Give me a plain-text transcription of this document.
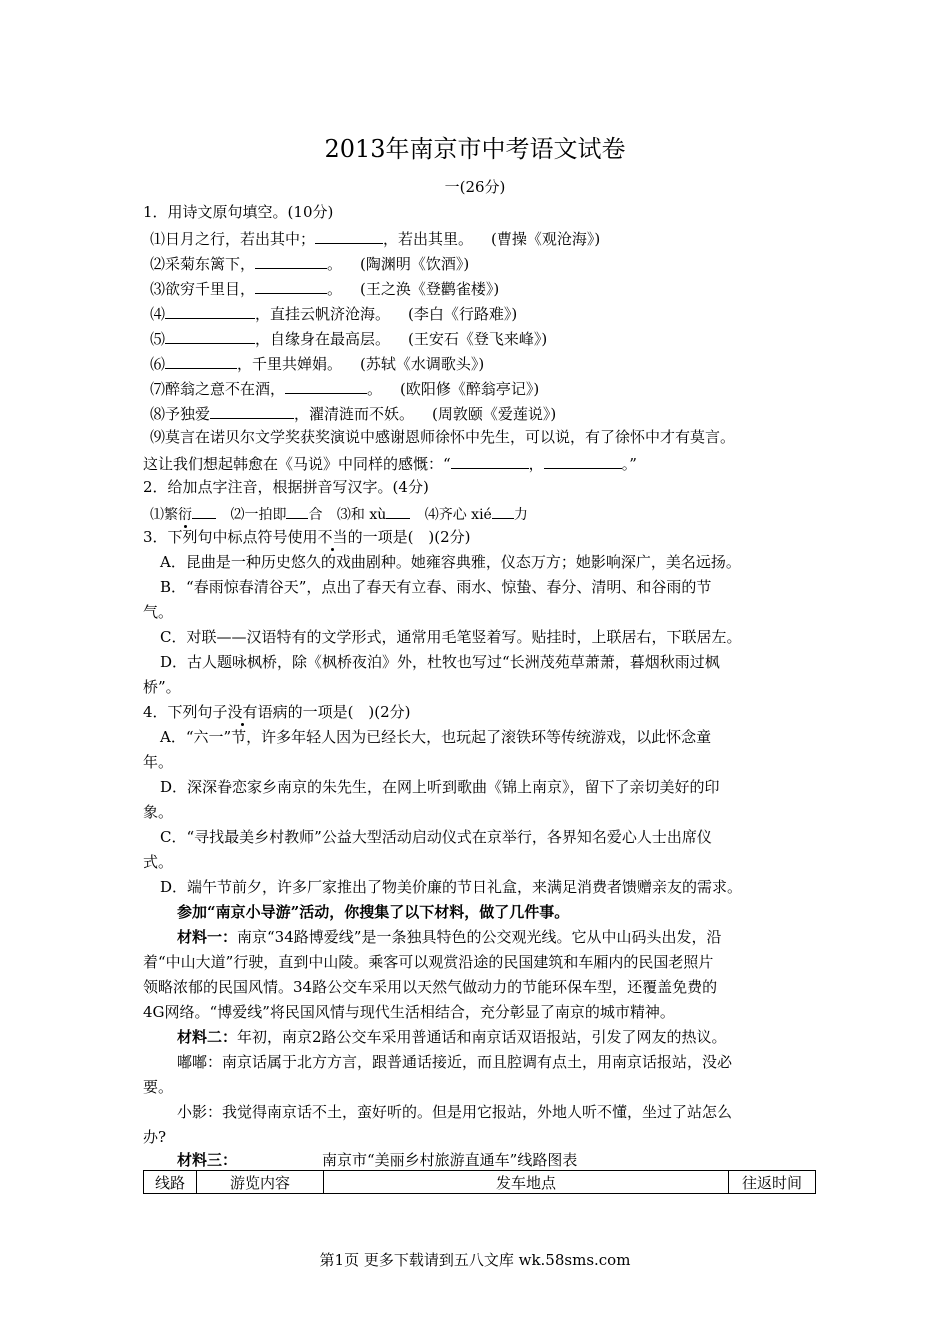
2013年南京市中考语文试卷
一(26分)
1．用诗文原句填空。(10分)
⑴日月之行，若出其中；	，若出其里。 (曹操《观沧海》)
⑵采菊东篱下，	。 (陶渊明《饮酒》)
⑶欲穷千里目，	。 (王之涣《登鹳雀楼》)
⑷	，直挂云帆济沧海。 (李白《行路难》)
⑸	，自缘身在最高层。 (王安石《登飞来峰》)
⑹	，千里共婵娟。 (苏轼《水调歌头》)
⑺醉翁之意不在酒，	。 (欧阳修《醉翁亭记》)
⑻予独爱	，濯清涟而不妖。 (周敦颐《爱莲说》)
⑼莫言在诺贝尔文学奖获奖演说中感谢恩师徐怀中先生，可以说，有了徐怀中才有莫言。
这让我们想起韩愈在《马说》中同样的感慨：“	，	。”
2．给加点字注音，根据拼音写汉字。(4分)
⑴繁衍	⑵一拍即 合 ⑶和 xù	⑷齐心 xié 力
3．下列句中标点符号使用不当的一项是(　)(2分)
A．昆曲是一种历史悠久的戏曲剧种。她雍容典雅，仪态万方；她影响深广，美名远扬。
B．“春雨惊春清谷天”，点出了春天有立春、雨水、惊蛰、春分、清明、和谷雨的节
气。
C．对联——汉语特有的文学形式，通常用毛笔竖着写。贴挂时，上联居右，下联居左。
D．古人题咏枫桥，除《枫桥夜泊》外，杜牧也写过“长洲茂苑草萧萧，暮烟秋雨过枫
桥”。
4．下列句子没有语病的一项是(　)(2分)
A．“六一”节，许多年轻人因为已经长大，也玩起了滚铁环等传统游戏，以此怀念童
年。
D．深深眷恋家乡南京的朱先生，在网上听到歌曲《锦上南京》，留下了亲切美好的印
象。
C．“寻找最美乡村教师”公益大型活动启动仪式在京举行，各界知名爱心人士出席仪
式。
D．端午节前夕，许多厂家推出了物美价廉的节日礼盒，来满足消费者馈赠亲友的需求。
参加“南京小导游”活动，你搜集了以下材料，做了几件事。
材料一：南京“34路博爱线”是一条独具特色的公交观光线。它从中山码头出发，沿
着“中山大道”行驶，直到中山陵。乘客可以观赏沿途的民国建筑和车厢内的民国老照片
领略浓郁的民国风情。34路公交车采用以天然气做动力的节能环保车型，还覆盖免费的
4G网络。“博爱线”将民国风情与现代生活相结合，充分彰显了南京的城市精神。
材料二：年初，南京2路公交车采用普通话和南京话双语报站，引发了网友的热议。
嘟嘟：南京话属于北方方言，跟普通话接近，而且腔调有点土，用南京话报站，没必
要。
小影：我觉得南京话不土，蛮好听的。但是用它报站，外地人听不懂，坐过了站怎么
办?
材料三：	南京市“美丽乡村旅游直通车”线路图表
线路	游览内容	发车地点	往返时间
第1页 更多下载请到五八文库 wk.58sms.com
